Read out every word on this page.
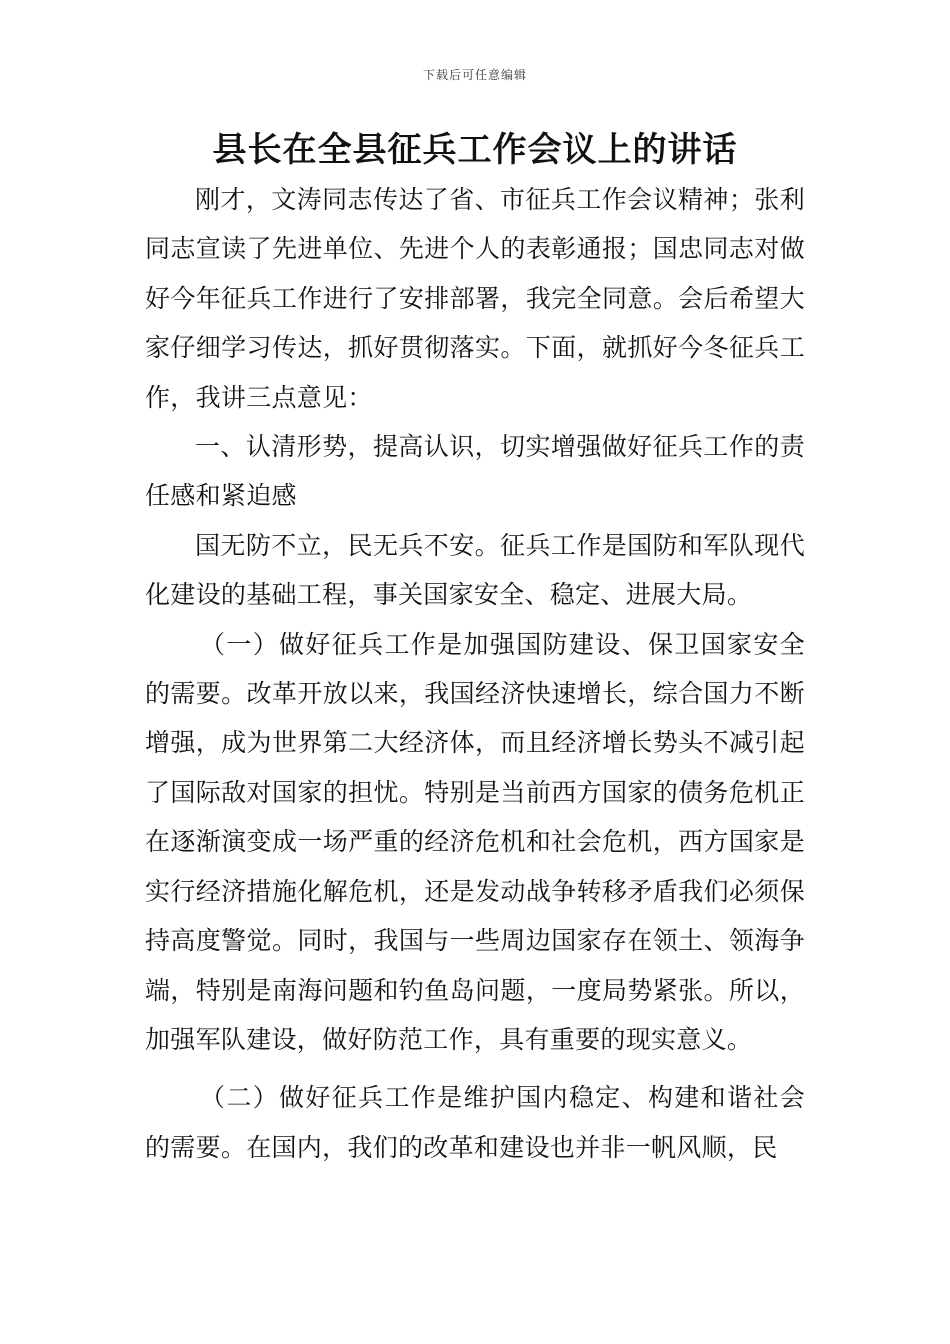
下载后可任意编辑
县长在全县征兵工作会议上的讲话

刚才，文涛同志传达了省、市征兵工作会议精神；张利同志宣读了先进单位、先进个人的表彰通报；国忠同志对做好今年征兵工作进行了安排部署，我完全同意。会后希望大家仔细学习传达，抓好贯彻落实。下面，就抓好今冬征兵工作，我讲三点意见：

一、认清形势，提高认识，切实增强做好征兵工作的责任感和紧迫感

国无防不立，民无兵不安。征兵工作是国防和军队现代化建设的基础工程，事关国家安全、稳定、进展大局。

（一）做好征兵工作是加强国防建设、保卫国家安全的需要。改革开放以来，我国经济快速增长，综合国力不断增强，成为世界第二大经济体，而且经济增长势头不减引起了国际敌对国家的担忧。特别是当前西方国家的债务危机正在逐渐演变成一场严重的经济危机和社会危机，西方国家是实行经济措施化解危机，还是发动战争转移矛盾我们必须保持高度警觉。同时，我国与一些周边国家存在领土、领海争端，特别是南海问题和钓鱼岛问题，一度局势紧张。所以，加强军队建设，做好防范工作，具有重要的现实意义。

（二）做好征兵工作是维护国内稳定、构建和谐社会的需要。在国内，我们的改革和建设也并非一帆风顺，民
